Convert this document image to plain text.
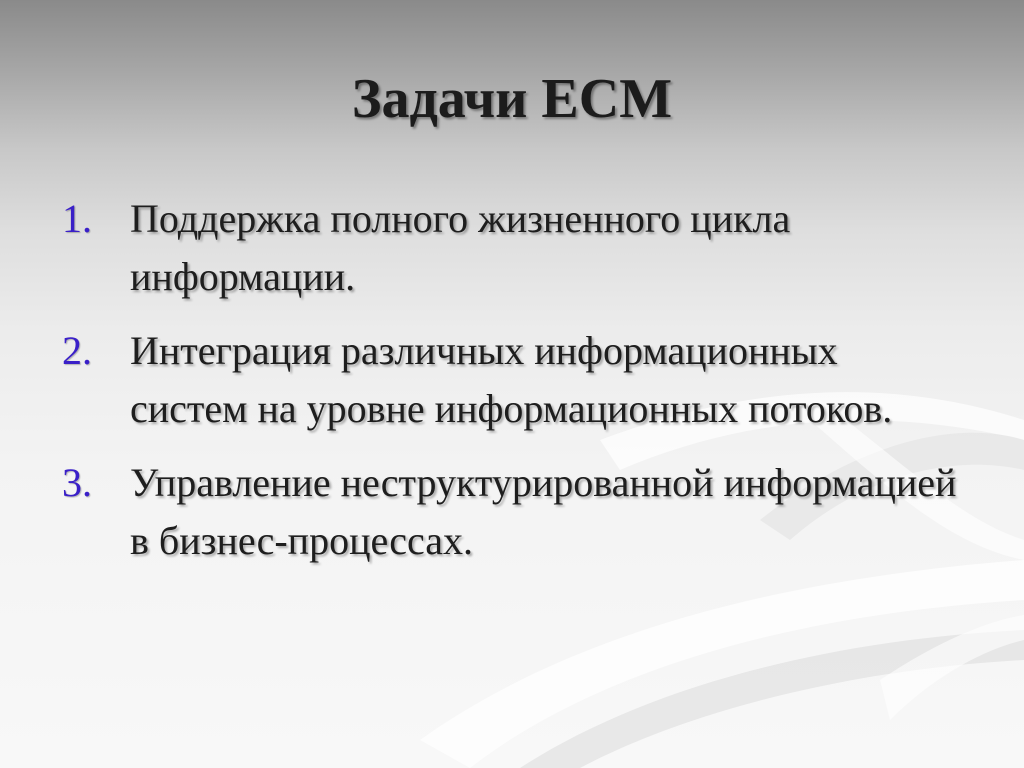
Задачи ECM
1. Поддержка полного жизненного цикла информации.
2. Интеграция различных информационных систем на уровне информационных потоков.
3. Управление неструктурированной информацией в бизнес-процессах.
